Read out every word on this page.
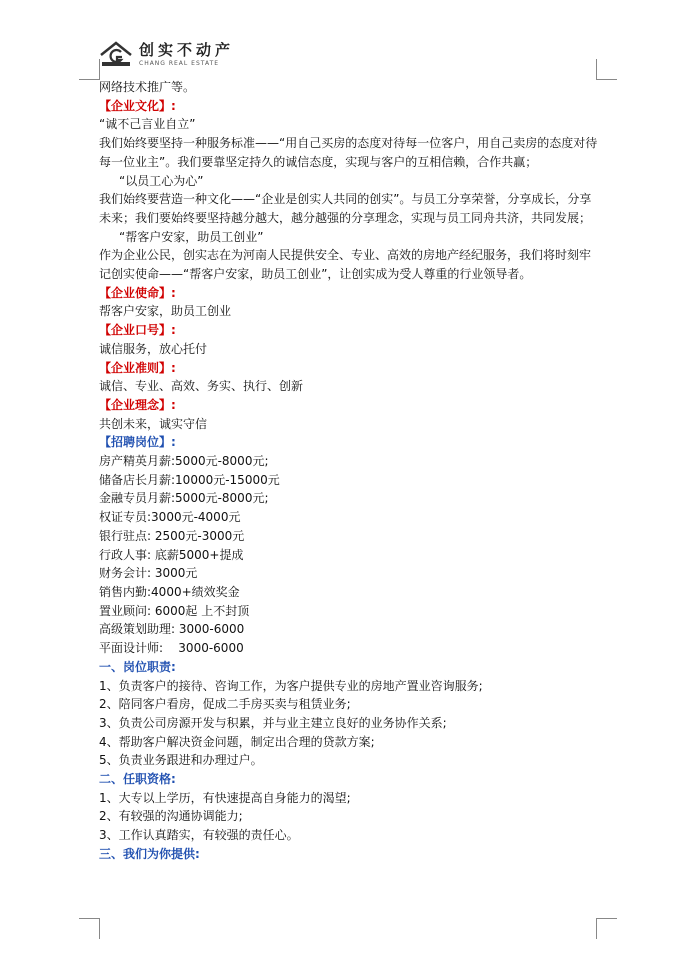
创实不动产
CHANG REAL ESTATE
网络技术推广等。
【企业文化】:
“诚不己言业自立”
我们始终要坚持一种服务标准——“用自己买房的态度对待每一位客户，用自己卖房的态度对待每一位业主”。我们要靠坚定持久的诚信态度，实现与客户的互相信赖，合作共赢；
“以员工心为心”
我们始终要营造一种文化——“企业是创实人共同的创实”。与员工分享荣誉，分享成长，分享未来；我们要始终要坚持越分越大，越分越强的分享理念，实现与员工同舟共济，共同发展；
“帮客户安家，助员工创业”
作为企业公民，创实志在为河南人民提供安全、专业、高效的房地产经纪服务，我们将时刻牢记创实使命——“帮客户安家，助员工创业”，让创实成为受人尊重的行业领导者。
【企业使命】:
帮客户安家，助员工创业
【企业口号】:
诚信服务，放心托付
【企业准则】:
诚信、专业、高效、务实、执行、创新
【企业理念】:
共创未来，诚实守信
【招聘岗位】:
房产精英月薪:5000元-8000元;
储备店长月薪:10000元-15000元
金融专员月薪:5000元-8000元;
权证专员:3000元-4000元
银行驻点: 2500元-3000元
行政人事: 底薪5000+提成
财务会计: 3000元
销售内勤:4000+绩效奖金
置业顾问: 6000起 上不封顶
高级策划助理: 3000-6000
平面设计师:    3000-6000
一、岗位职责:
1、负责客户的接待、咨询工作，为客户提供专业的房地产置业咨询服务;
2、陪同客户看房，促成二手房买卖与租赁业务;
3、负责公司房源开发与积累，并与业主建立良好的业务协作关系;
4、帮助客户解决资金问题，制定出合理的贷款方案;
5、负责业务跟进和办理过户。
二、任职资格:
1、大专以上学历，有快速提高自身能力的渴望;
2、有较强的沟通协调能力;
3、工作认真踏实，有较强的责任心。
三、我们为你提供:
